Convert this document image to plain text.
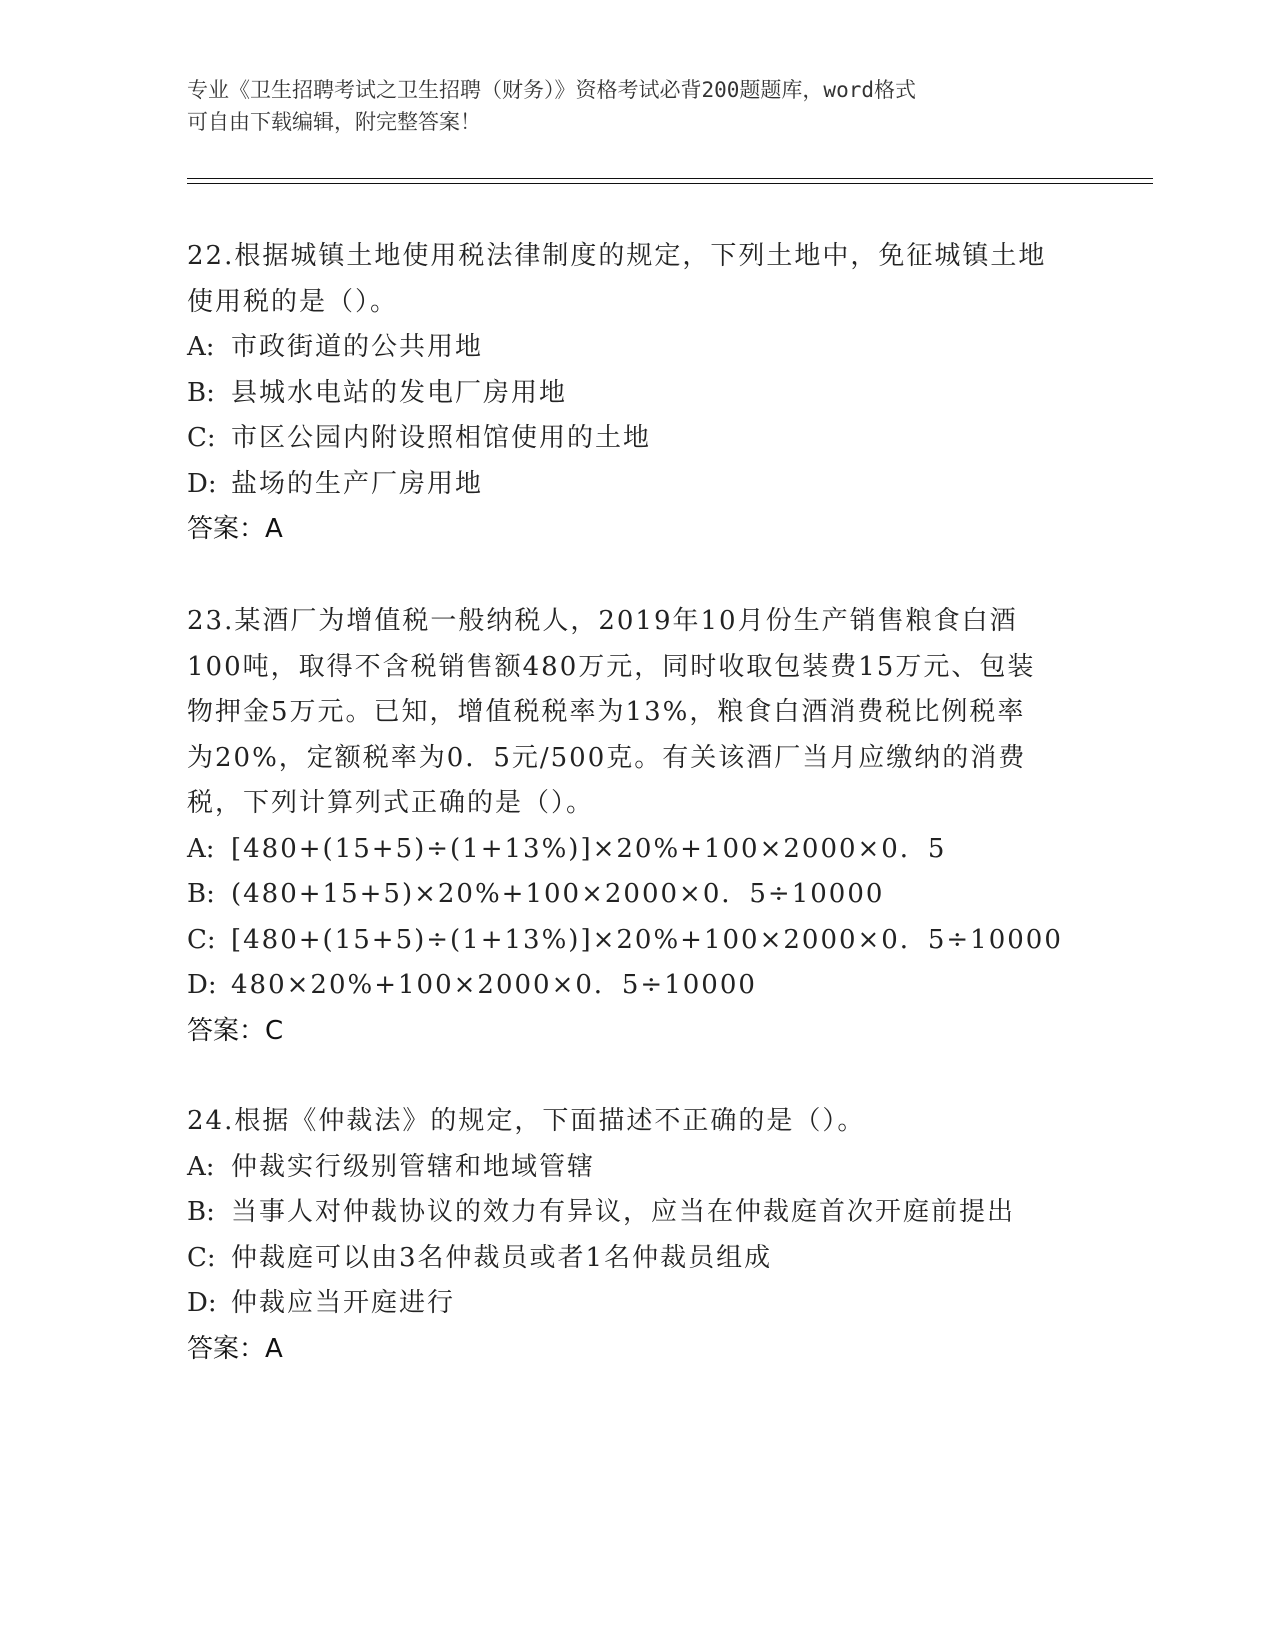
专业《卫生招聘考试之卫生招聘（财务）》资格考试必背200题题库，word格式
可自由下载编辑，附完整答案！
22.根据城镇土地使用税法律制度的规定，下列土地中，免征城镇土地
使用税的是（）。
A: 市政街道的公共用地
B: 县城水电站的发电厂房用地
C: 市区公园内附设照相馆使用的土地
D: 盐场的生产厂房用地
答案：A
23.某酒厂为增值税一般纳税人，2019年10月份生产销售粮食白酒
100吨，取得不含税销售额480万元，同时收取包装费15万元、包装
物押金5万元。已知，增值税税率为13%，粮食白酒消费税比例税率
为20%，定额税率为0．5元/500克。有关该酒厂当月应缴纳的消费
税，下列计算列式正确的是（）。
A: [480+(15+5)÷(1+13%)]×20%+100×2000×0．5
B: (480+15+5)×20%+100×2000×0．5÷10000
C: [480+(15+5)÷(1+13%)]×20%+100×2000×0．5÷10000
D: 480×20%+100×2000×0．5÷10000
答案：C
24.根据《仲裁法》的规定，下面描述不正确的是（）。
A: 仲裁实行级别管辖和地域管辖
B: 当事人对仲裁协议的效力有异议，应当在仲裁庭首次开庭前提出
C: 仲裁庭可以由3名仲裁员或者1名仲裁员组成
D: 仲裁应当开庭进行
答案：A
